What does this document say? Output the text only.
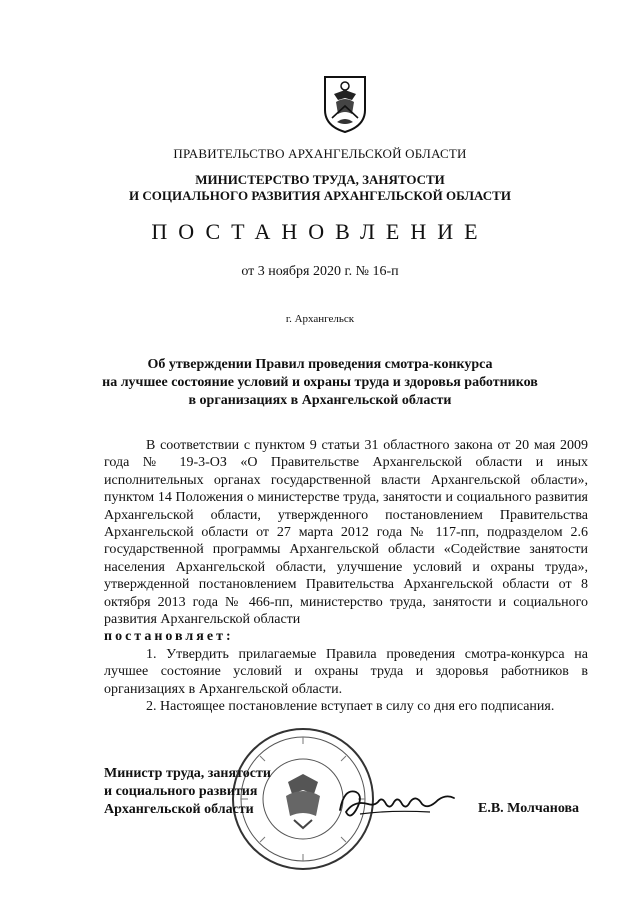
ПРАВИТЕЛЬСТВО АРХАНГЕЛЬСКОЙ ОБЛАСТИ
МИНИСТЕРСТВО ТРУДА, ЗАНЯТОСТИ
И СОЦИАЛЬНОГО РАЗВИТИЯ АРХАНГЕЛЬСКОЙ ОБЛАСТИ
ПОСТАНОВЛЕНИЕ
от 3 ноября 2020 г. № 16-п
г. Архангельск
Об утверждении Правил проведения смотра-конкурса
на лучшее состояние условий и охраны труда и здоровья работников
в организациях в Архангельской области

В соответствии с пунктом 9 статьи 31 областного закона от 20 мая 2009 года № 19-3-ОЗ «О Правительстве Архангельской области и иных исполнительных органах государственной власти Архангельской области», пунктом 14 Положения о министерстве труда, занятости и социального развития Архангельской области, утвержденного постановлением Правительства Архангельской области от 27 марта 2012 года № 117-пп, подразделом 2.6 государственной программы Архангельской области «Содействие занятости населения Архангельской области, улучшение условий и охраны труда», утвержденной постановлением Правительства Архангельской области от 8 октября 2013 года № 466-пп, министерство труда, занятости и социального развития Архангельской области

постановляет:

1. Утвердить прилагаемые Правила проведения смотра-конкурса на лучшее состояние условий и охраны труда и здоровья работников в организациях в Архангельской области.

2. Настоящее постановление вступает в силу со дня его подписания.

Министр труда, занятости
и социального развития
Архангельской области	Е.В. Молчанова
